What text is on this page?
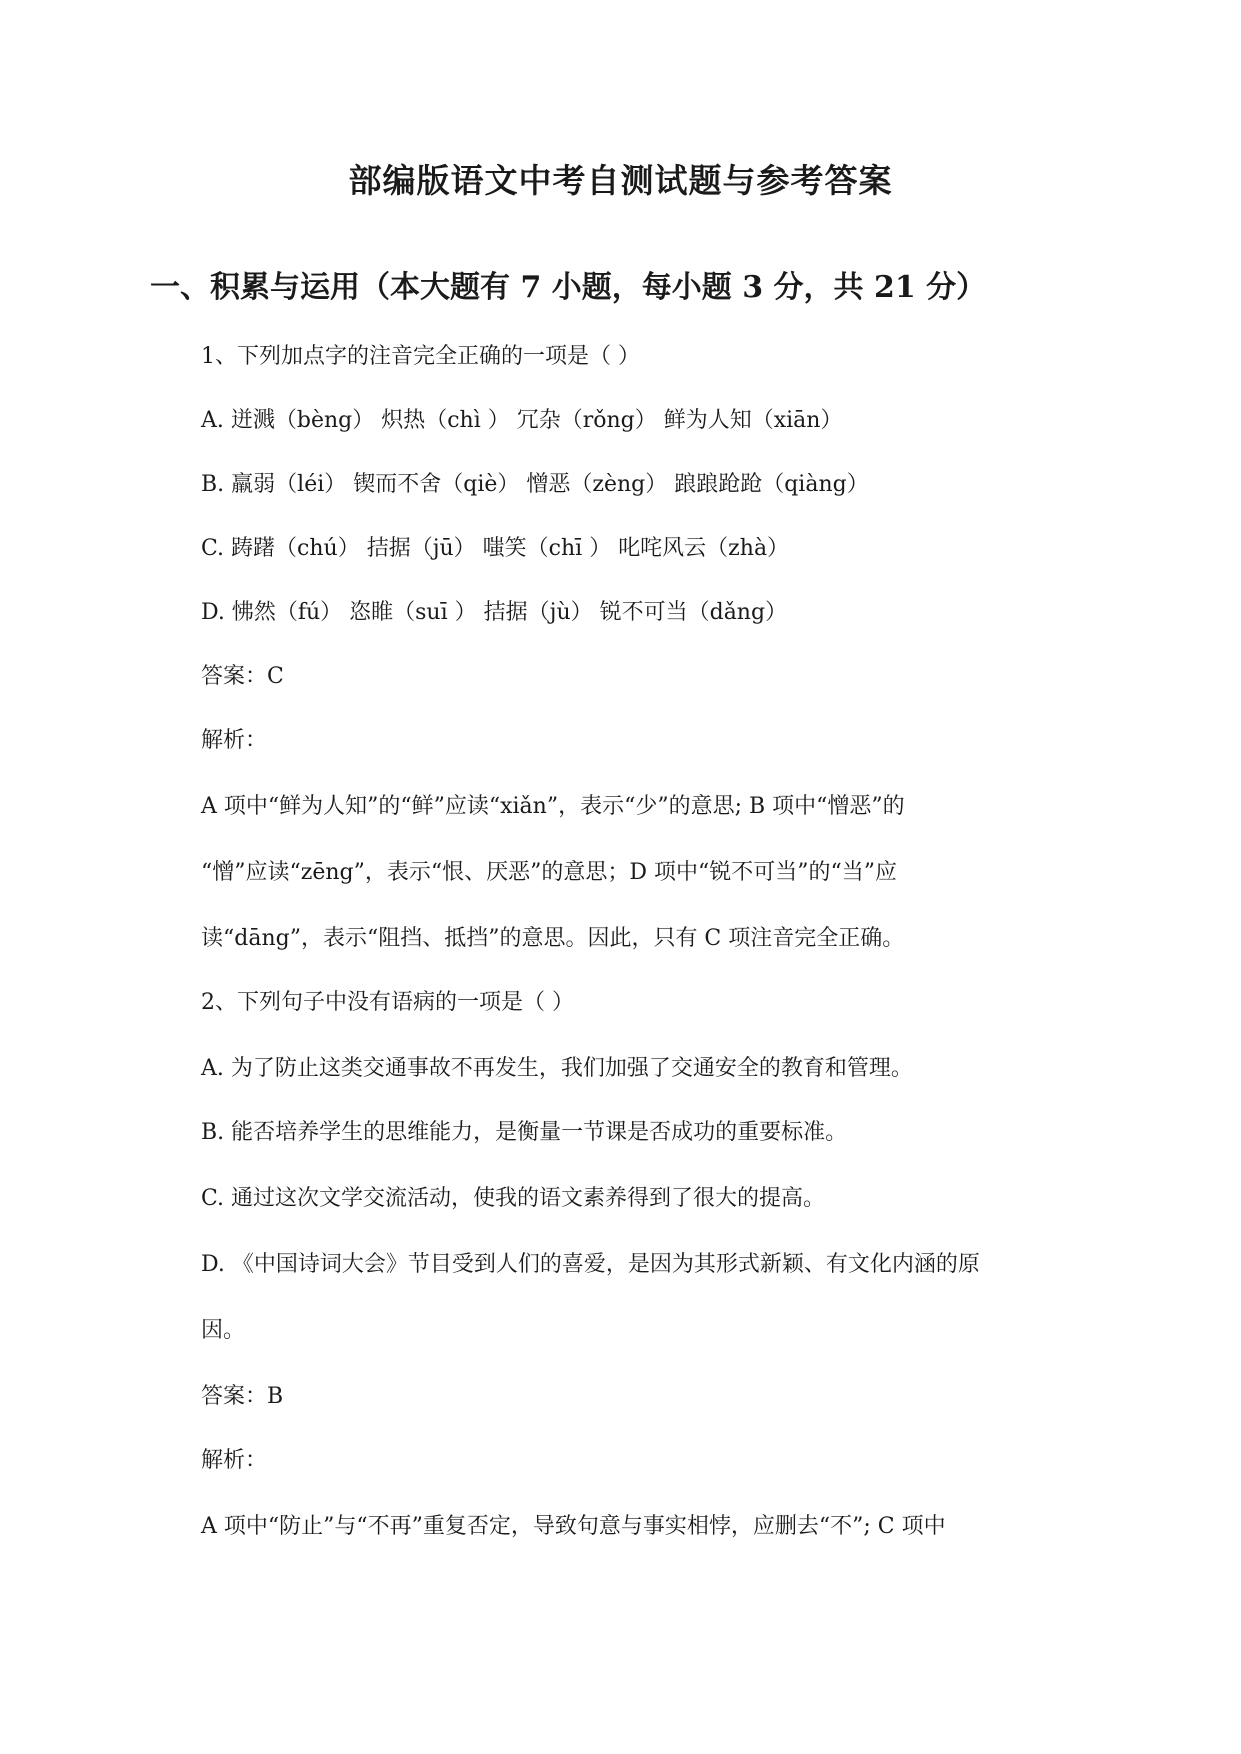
部编版语文中考自测试题与参考答案
一、积累与运用（本大题有 7 小题，每小题 3 分，共 21 分）

1、下列加点字的注音完全正确的一项是（ ）

A. 迸溅（bèng） 炽热（chì ） 冗杂（rǒng） 鲜为人知（xiān）

B. 羸弱（léi） 锲而不舍（qiè） 憎恶（zèng） 踉踉跄跄（qiàng）

C. 踌躇（chú） 拮据（jū） 嗤笑（chī ） 叱咤风云（zhà）

D. 怫然（fú） 恣睢（suī ） 拮据（jù） 锐不可当（dǎng）

答案：C

解析：

A 项中“鲜为人知”的“鲜”应读“xiǎn”，表示“少”的意思; B 项中“憎恶”的

“憎”应读“zēng”，表示“恨、厌恶”的意思；D 项中“锐不可当”的“当”应

读“dāng”，表示“阻挡、抵挡”的意思。因此，只有 C 项注音完全正确。

2、下列句子中没有语病的一项是（ ）

A. 为了防止这类交通事故不再发生，我们加强了交通安全的教育和管理。

B. 能否培养学生的思维能力，是衡量一节课是否成功的重要标准。

C. 通过这次文学交流活动，使我的语文素养得到了很大的提高。

D. 《中国诗词大会》节目受到人们的喜爱，是因为其形式新颖、有文化内涵的原

因。

答案：B

解析：

A 项中“防止”与“不再”重复否定，导致句意与事实相悖，应删去“不”; C 项中
